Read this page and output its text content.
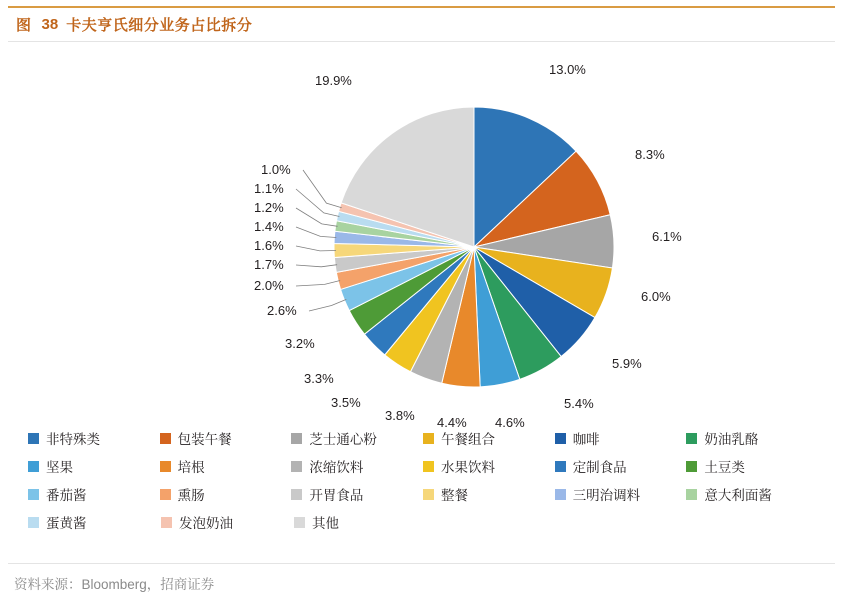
图 38 卡夫亨氏细分业务占比拆分
13.0%
8.3%
6.1%
6.0%
5.9%
5.4%
4.6%
4.4%
3.8%
3.5%
3.3%
3.2%
2.6%
2.0%
1.7%
1.6%
1.4%
1.2%
1.1%
1.0%
19.9%
非特殊类	包装午餐	芝士通心粉	午餐组合	咖啡	奶油乳酪
坚果	培根	浓缩饮料	水果饮料	定制食品	土豆类
番茄酱	熏肠	开胃食品	整餐	三明治调料	意大利面酱
蛋黄酱	发泡奶油	其他
资料来源：Bloomberg，招商证券
